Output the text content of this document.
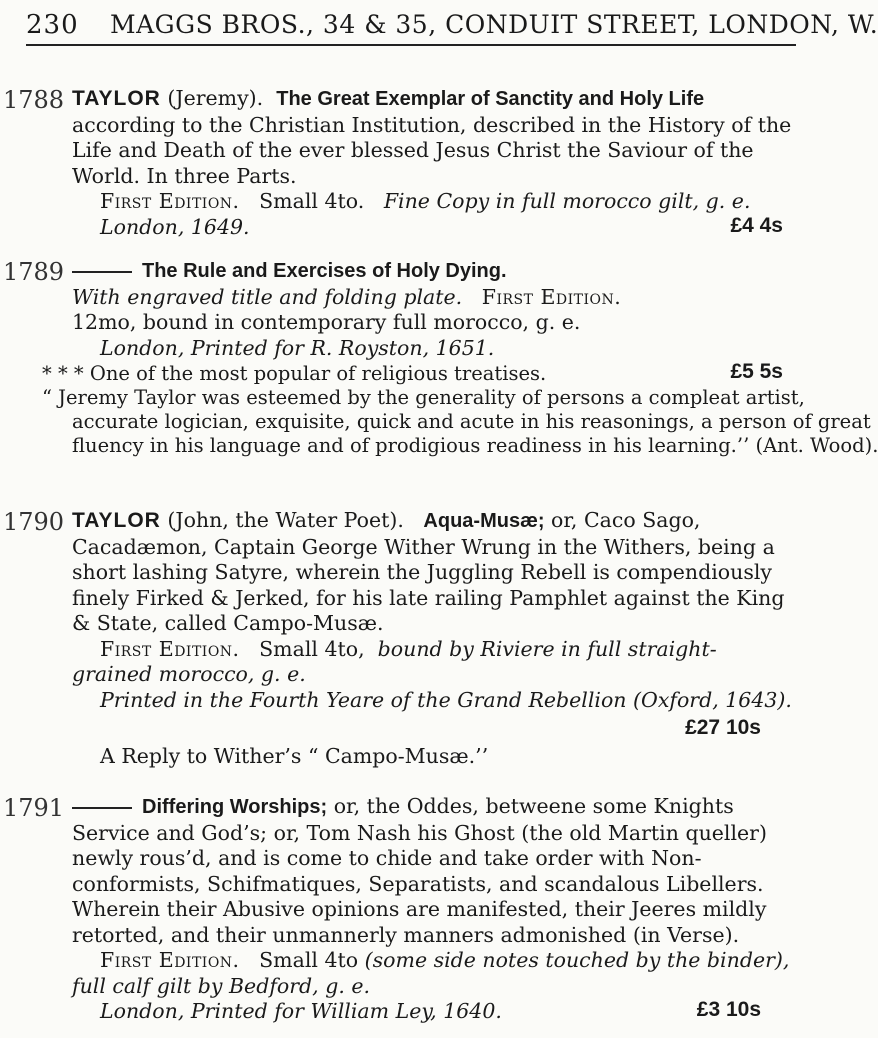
230 MAGGS BROS., 34 & 35, CONDUIT STREET, LONDON, W.
1788 TAYLOR (Jeremy). The Great Exemplar of Sanctity and Holy Life
according to the Christian Institution, described in the History of the
Life and Death of the ever blessed Jesus Christ the Saviour of the
World. In three Parts.
First Edition. Small 4to. Fine Copy in full morocco gilt, g. e.
London, 1649.	£4 4s
1789	The Rule and Exercises of Holy Dying.
With engraved title and folding plate. First Edition.
12mo, bound in contemporary full morocco, g. e.
London, Printed for R. Royston, 1651.
£5 5s
* * * One of the most popular of religious treatises.
“ Jeremy Taylor was esteemed by the generality of persons a compleat artist,
accurate logician, exquisite, quick and acute in his reasonings, a person of great
fluency in his language and of prodigious readiness in his learning.’’ (Ant. Wood).
1790 TAYLOR (John, the Water Poet). Aqua-Musæ; or, Caco Sago,
Cacadæmon, Captain George Wither Wrung in the Withers, being a
short lashing Satyre, wherein the Juggling Rebell is compendiously
finely Firked & Jerked, for his late railing Pamphlet against the King
& State, called Campo-Musæ.
First Edition. Small 4to, bound by Riviere in full straight-
grained morocco, g. e.
Printed in the Fourth Yeare of the Grand Rebellion (Oxford, 1643).
£27 10s
A Reply to Wither’s “ Campo-Musæ.’’
1791	Differing Worships; or, the Oddes, betweene some Knights
Service and God’s; or, Tom Nash his Ghost (the old Martin queller)
newly rous’d, and is come to chide and take order with Non-
conformists, Schifmatiques, Separatists, and scandalous Libellers.
Wherein their Abusive opinions are manifested, their Jeeres mildly
retorted, and their unmannerly manners admonished (in Verse).
First Edition. Small 4to (some side notes touched by the binder),
full calf gilt by Bedford, g. e.
London, Printed for William Ley, 1640.	£3 10s
